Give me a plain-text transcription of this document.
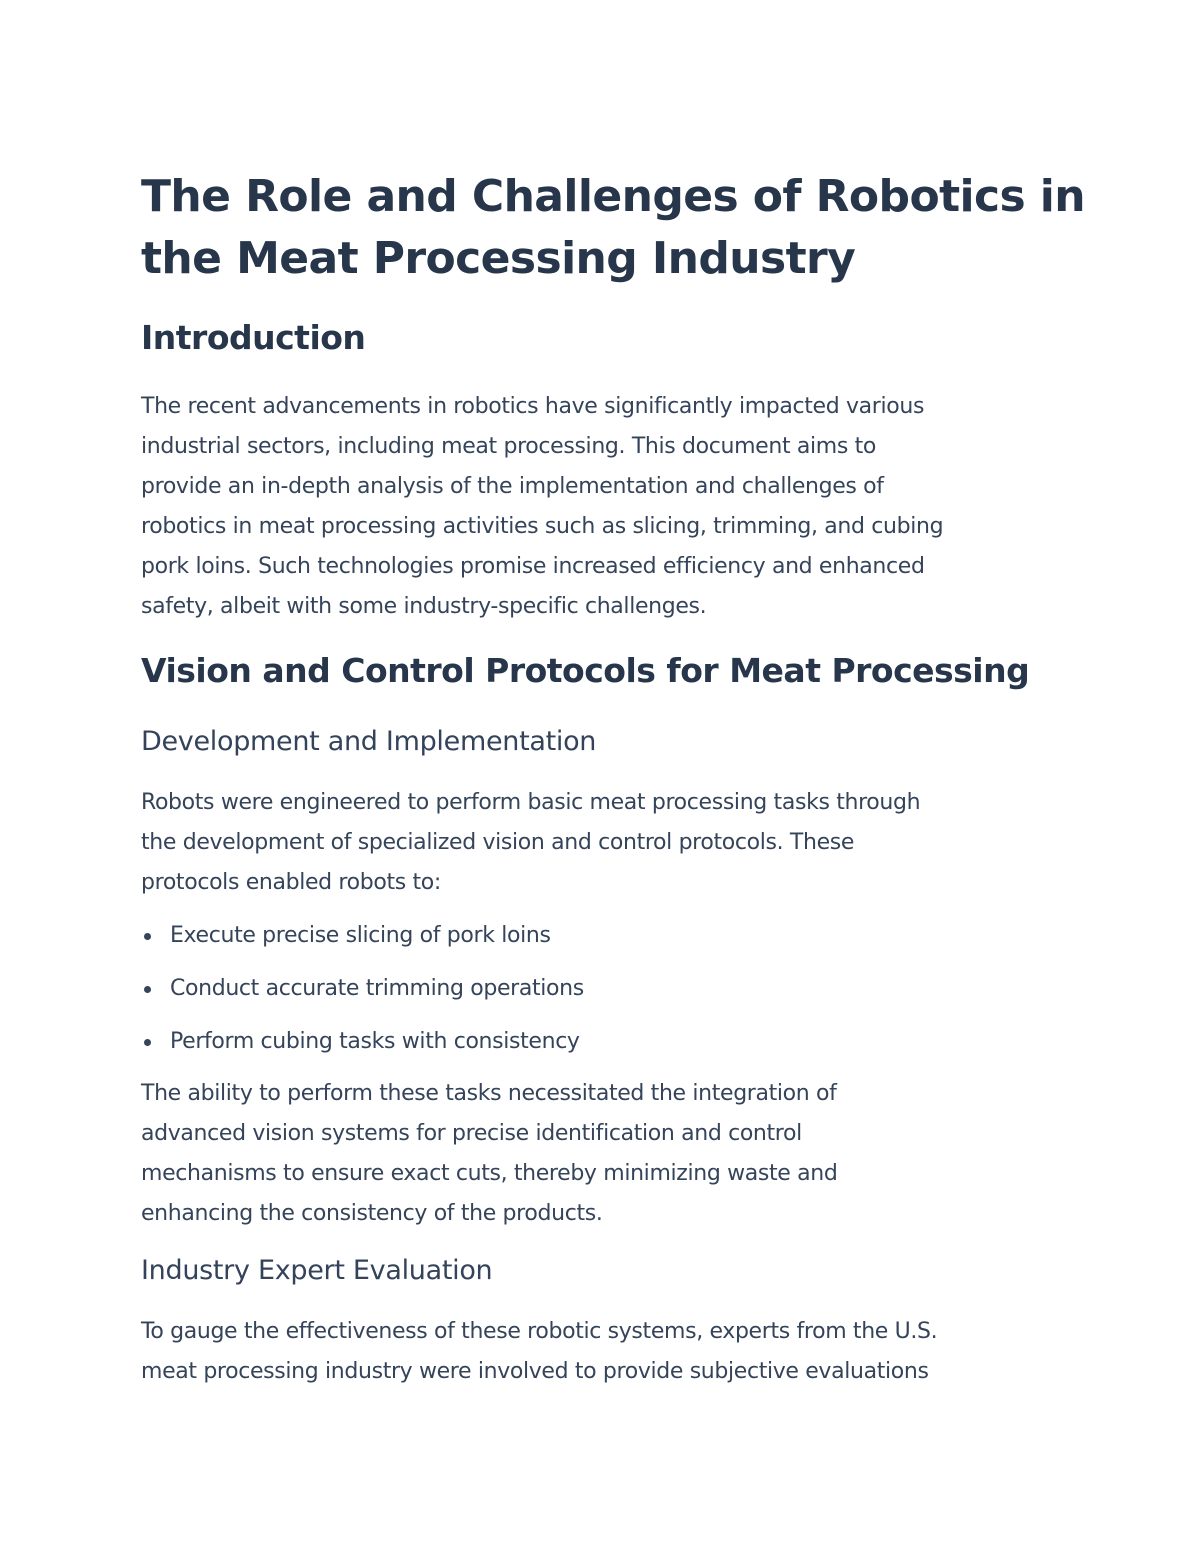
The Role and Challenges of Robotics in
the Meat Processing Industry
Introduction

The recent advancements in robotics have significantly impacted various
industrial sectors, including meat processing. This document aims to
provide an in-depth analysis of the implementation and challenges of
robotics in meat processing activities such as slicing, trimming, and cubing
pork loins. Such technologies promise increased efficiency and enhanced
safety, albeit with some industry-specific challenges.

Vision and Control Protocols for Meat Processing
Development and Implementation

Robots were engineered to perform basic meat processing tasks through
the development of specialized vision and control protocols. These
protocols enabled robots to:

Execute precise slicing of pork loins
Conduct accurate trimming operations
Perform cubing tasks with consistency

The ability to perform these tasks necessitated the integration of
advanced vision systems for precise identification and control
mechanisms to ensure exact cuts, thereby minimizing waste and
enhancing the consistency of the products.

Industry Expert Evaluation

To gauge the effectiveness of these robotic systems, experts from the U.S.
meat processing industry were involved to provide subjective evaluations
